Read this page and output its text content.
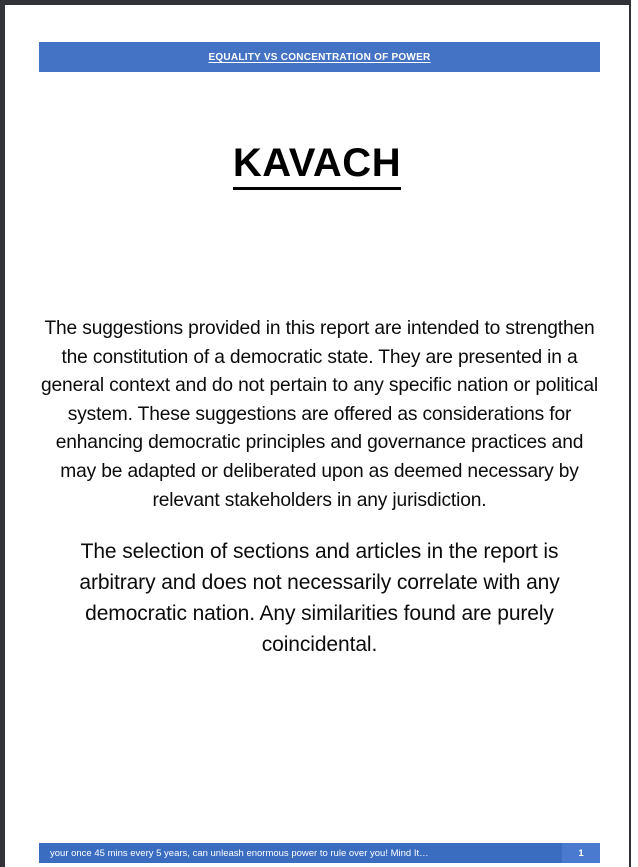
EQUALITY VS CONCENTRATION OF POWER
KAVACH

The suggestions provided in this report are intended to strengthen the constitution of a democratic state. They are presented in a general context and do not pertain to any specific nation or political system. These suggestions are offered as considerations for enhancing democratic principles and governance practices and may be adapted or deliberated upon as deemed necessary by relevant stakeholders in any jurisdiction.

The selection of sections and articles in the report is arbitrary and does not necessarily correlate with any democratic nation. Any similarities found are purely coincidental.

your once 45 mins every 5 years, can unleash enormous power to rule over you! Mind It…	1
